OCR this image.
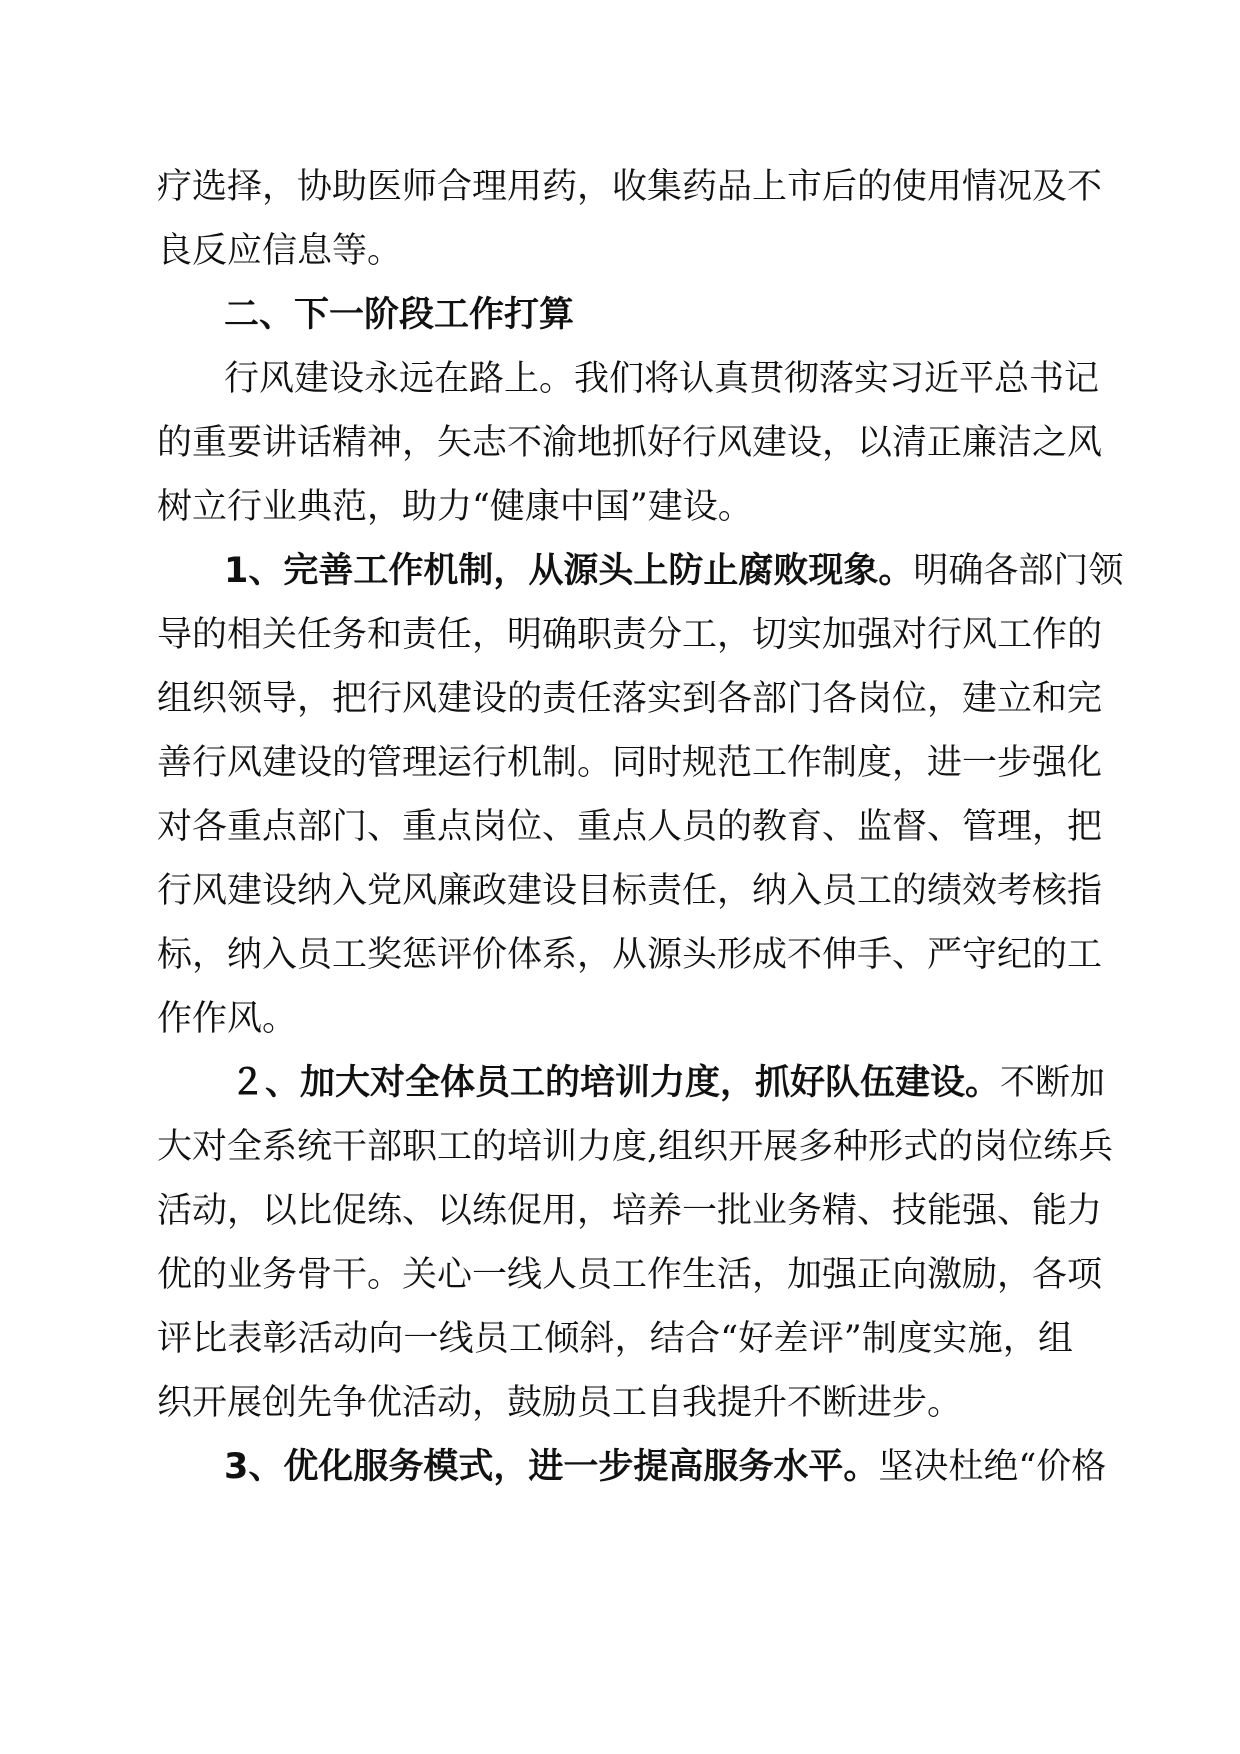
疗选择，协助医师合理用药，收集药品上市后的使用情况及不
良反应信息等。
二、下一阶段工作打算
行风建设永远在路上。我们将认真贯彻落实习近平总书记
的重要讲话精神，矢志不渝地抓好行风建设，以清正廉洁之风
树立行业典范，助力“健康中国”建设。
1、完善工作机制，从源头上防止腐败现象。明确各部门领
导的相关任务和责任，明确职责分工，切实加强对行风工作的
组织领导，把行风建设的责任落实到各部门各岗位，建立和完
善行风建设的管理运行机制。同时规范工作制度，进一步强化
对各重点部门、重点岗位、重点人员的教育、监督、管理，把
行风建设纳入党风廉政建设目标责任，纳入员工的绩效考核指
标，纳入员工奖惩评价体系，从源头形成不伸手、严守纪的工
作作风。
２、加大对全体员工的培训力度，抓好队伍建设。不断加
大对全系统干部职工的培训力度,组织开展多种形式的岗位练兵
活动，以比促练、以练促用，培养一批业务精、技能强、能力
优的业务骨干。关心一线人员工作生活，加强正向激励，各项
评比表彰活动向一线员工倾斜，结合“好差评”制度实施，组
织开展创先争优活动，鼓励员工自我提升不断进步。
3、优化服务模式，进一步提高服务水平。坚决杜绝“价格
